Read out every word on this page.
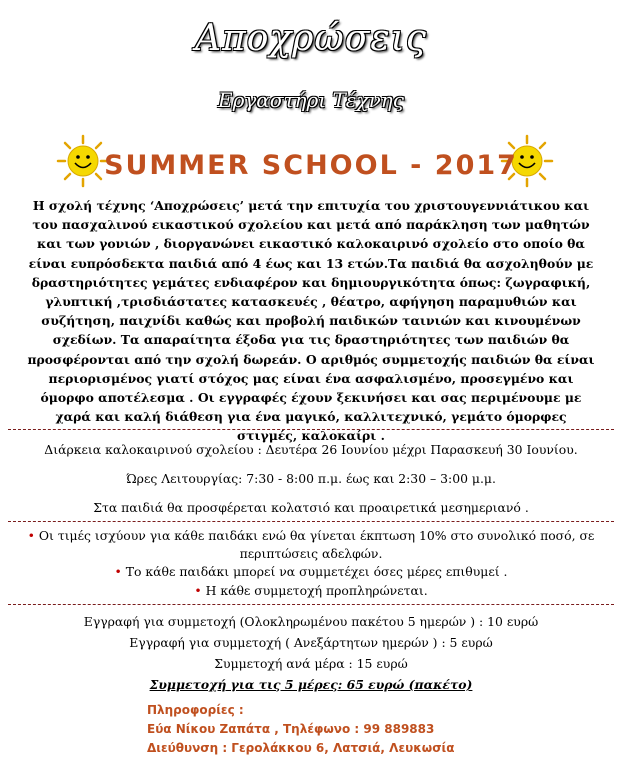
Αποχρώσεις
Εργαστήρι Τέχνης
SUMMER SCHOOL - 2017
Η σχολή τέχνης ‘Αποχρώσεις’ μετά την επιτυχία του χριστουγεννιάτικου και του πασχαλινού εικαστικού σχολείου και μετά από παράκληση των μαθητών και των γονιών , διοργανώνει εικαστικό καλοκαιρινό σχολείο στο οποίο θα είναι ευπρόσδεκτα παιδιά από 4 έως και 13 ετών.Τα παιδιά θα ασχοληθούν με δραστηριότητες γεμάτες ενδιαφέρον και δημιουργικότητα όπως: ζωγραφική, γλυπτική ,τρισδιάστατες κατασκευές , θέατρο, αφήγηση παραμυθιών και συζήτηση, παιχνίδι καθώς και προβολή παιδικών ταινιών και κινουμένων σχεδίων. Τα απαραίτητα έξοδα για τις δραστηριότητες των παιδιών θα προσφέρονται από την σχολή δωρεάν. Ο αριθμός συμμετοχής παιδιών θα είναι περιορισμένος γιατί στόχος μας είναι ένα ασφαλισμένο, προσεγμένο και όμορφο αποτέλεσμα . Οι εγγραφές έχουν ξεκινήσει και σας περιμένουμε με χαρά και καλή διάθεση για ένα μαγικό, καλλιτεχνικό, γεμάτο όμορφες στιγμές, καλοκαίρι .
Διάρκεια καλοκαιρινού σχολείου : Δευτέρα 26 Ιουνίου μέχρι Παρασκευή 30 Ιουνίου.
Ώρες Λειτουργίας: 7:30 - 8:00 π.μ. έως και 2:30 – 3:00 μ.μ.
Στα παιδιά θα προσφέρεται κολατσιό και προαιρετικά μεσημεριανό .
• Οι τιμές ισχύουν για κάθε παιδάκι ενώ θα γίνεται έκπτωση 10% στο συνολικό ποσό, σε περιπτώσεις αδελφών.
• Το κάθε παιδάκι μπορεί να συμμετέχει όσες μέρες επιθυμεί .
• Η κάθε συμμετοχή προπληρώνεται.
Εγγραφή για συμμετοχή (Ολοκληρωμένου πακέτου 5 ημερών ) : 10 ευρώ
Εγγραφή για συμμετοχή ( Ανεξάρτητων ημερών ) : 5 ευρώ
Συμμετοχή ανά μέρα : 15 ευρώ
Συμμετοχή για τις 5 μέρες: 65 ευρώ (πακέτο)
Πληροφορίες :
Εύα Νίκου Ζαπάτα , Τηλέφωνο : 99 889883
Διεύθυνση : Γερολάκκου 6, Λατσιά, Λευκωσία
